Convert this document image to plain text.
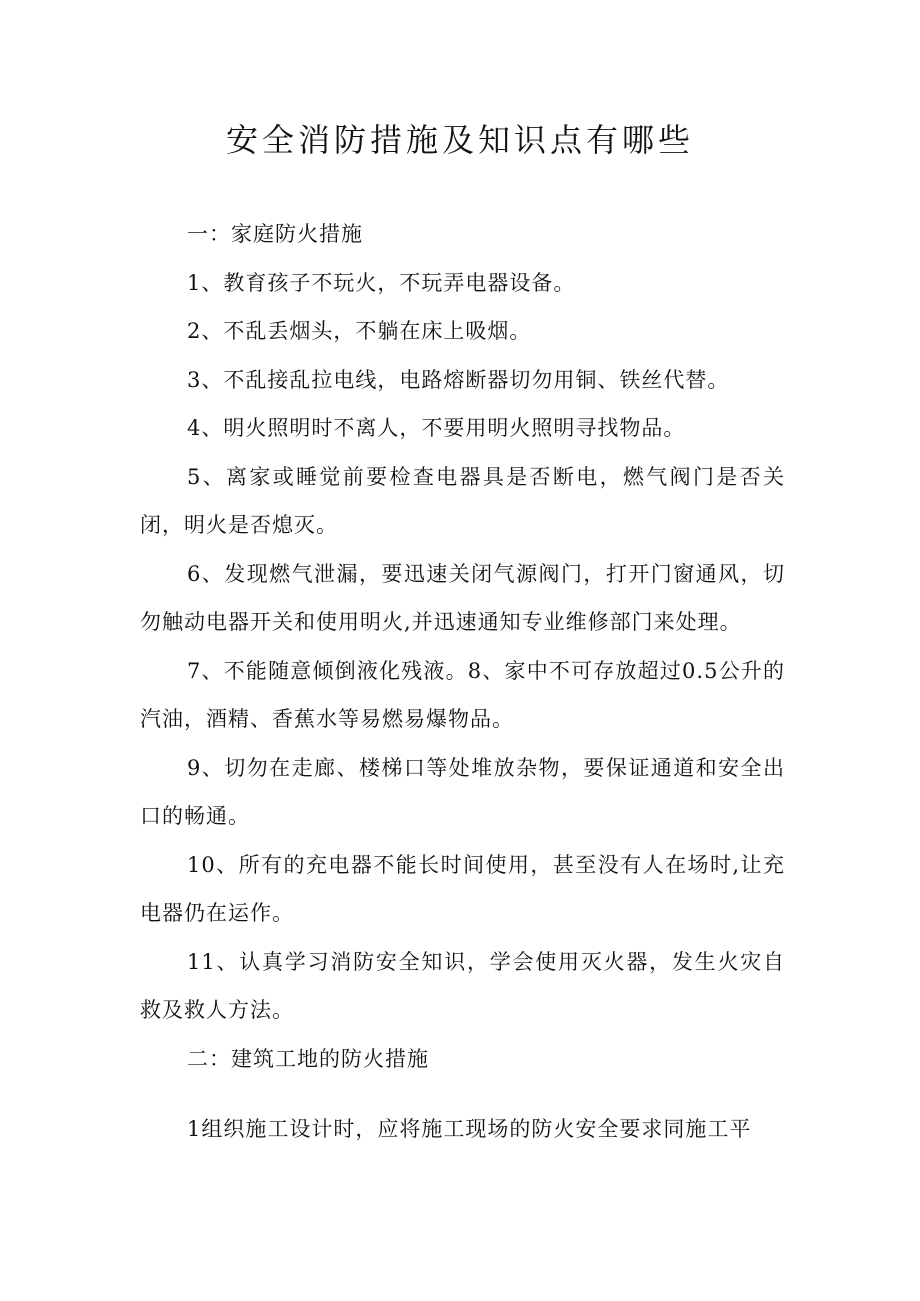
安全消防措施及知识点有哪些

一：家庭防火措施

1、教育孩子不玩火，不玩弄电器设备。

2、不乱丢烟头，不躺在床上吸烟。

3、不乱接乱拉电线，电路熔断器切勿用铜、铁丝代替。

4、明火照明时不离人，不要用明火照明寻找物品。

5、离家或睡觉前要检查电器具是否断电，燃气阀门是否关闭，明火是否熄灭。

6、发现燃气泄漏，要迅速关闭气源阀门，打开门窗通风，切勿触动电器开关和使用明火,并迅速通知专业维修部门来处理。

7、不能随意倾倒液化残液。8、家中不可存放超过0.5公升的汽油，酒精、香蕉水等易燃易爆物品。

9、切勿在走廊、楼梯口等处堆放杂物，要保证通道和安全出口的畅通。

10、所有的充电器不能长时间使用，甚至没有人在场时,让充电器仍在运作。

11、认真学习消防安全知识，学会使用灭火器，发生火灾自救及救人方法。

二：建筑工地的防火措施

1组织施工设计时，应将施工现场的防火安全要求同施工平
